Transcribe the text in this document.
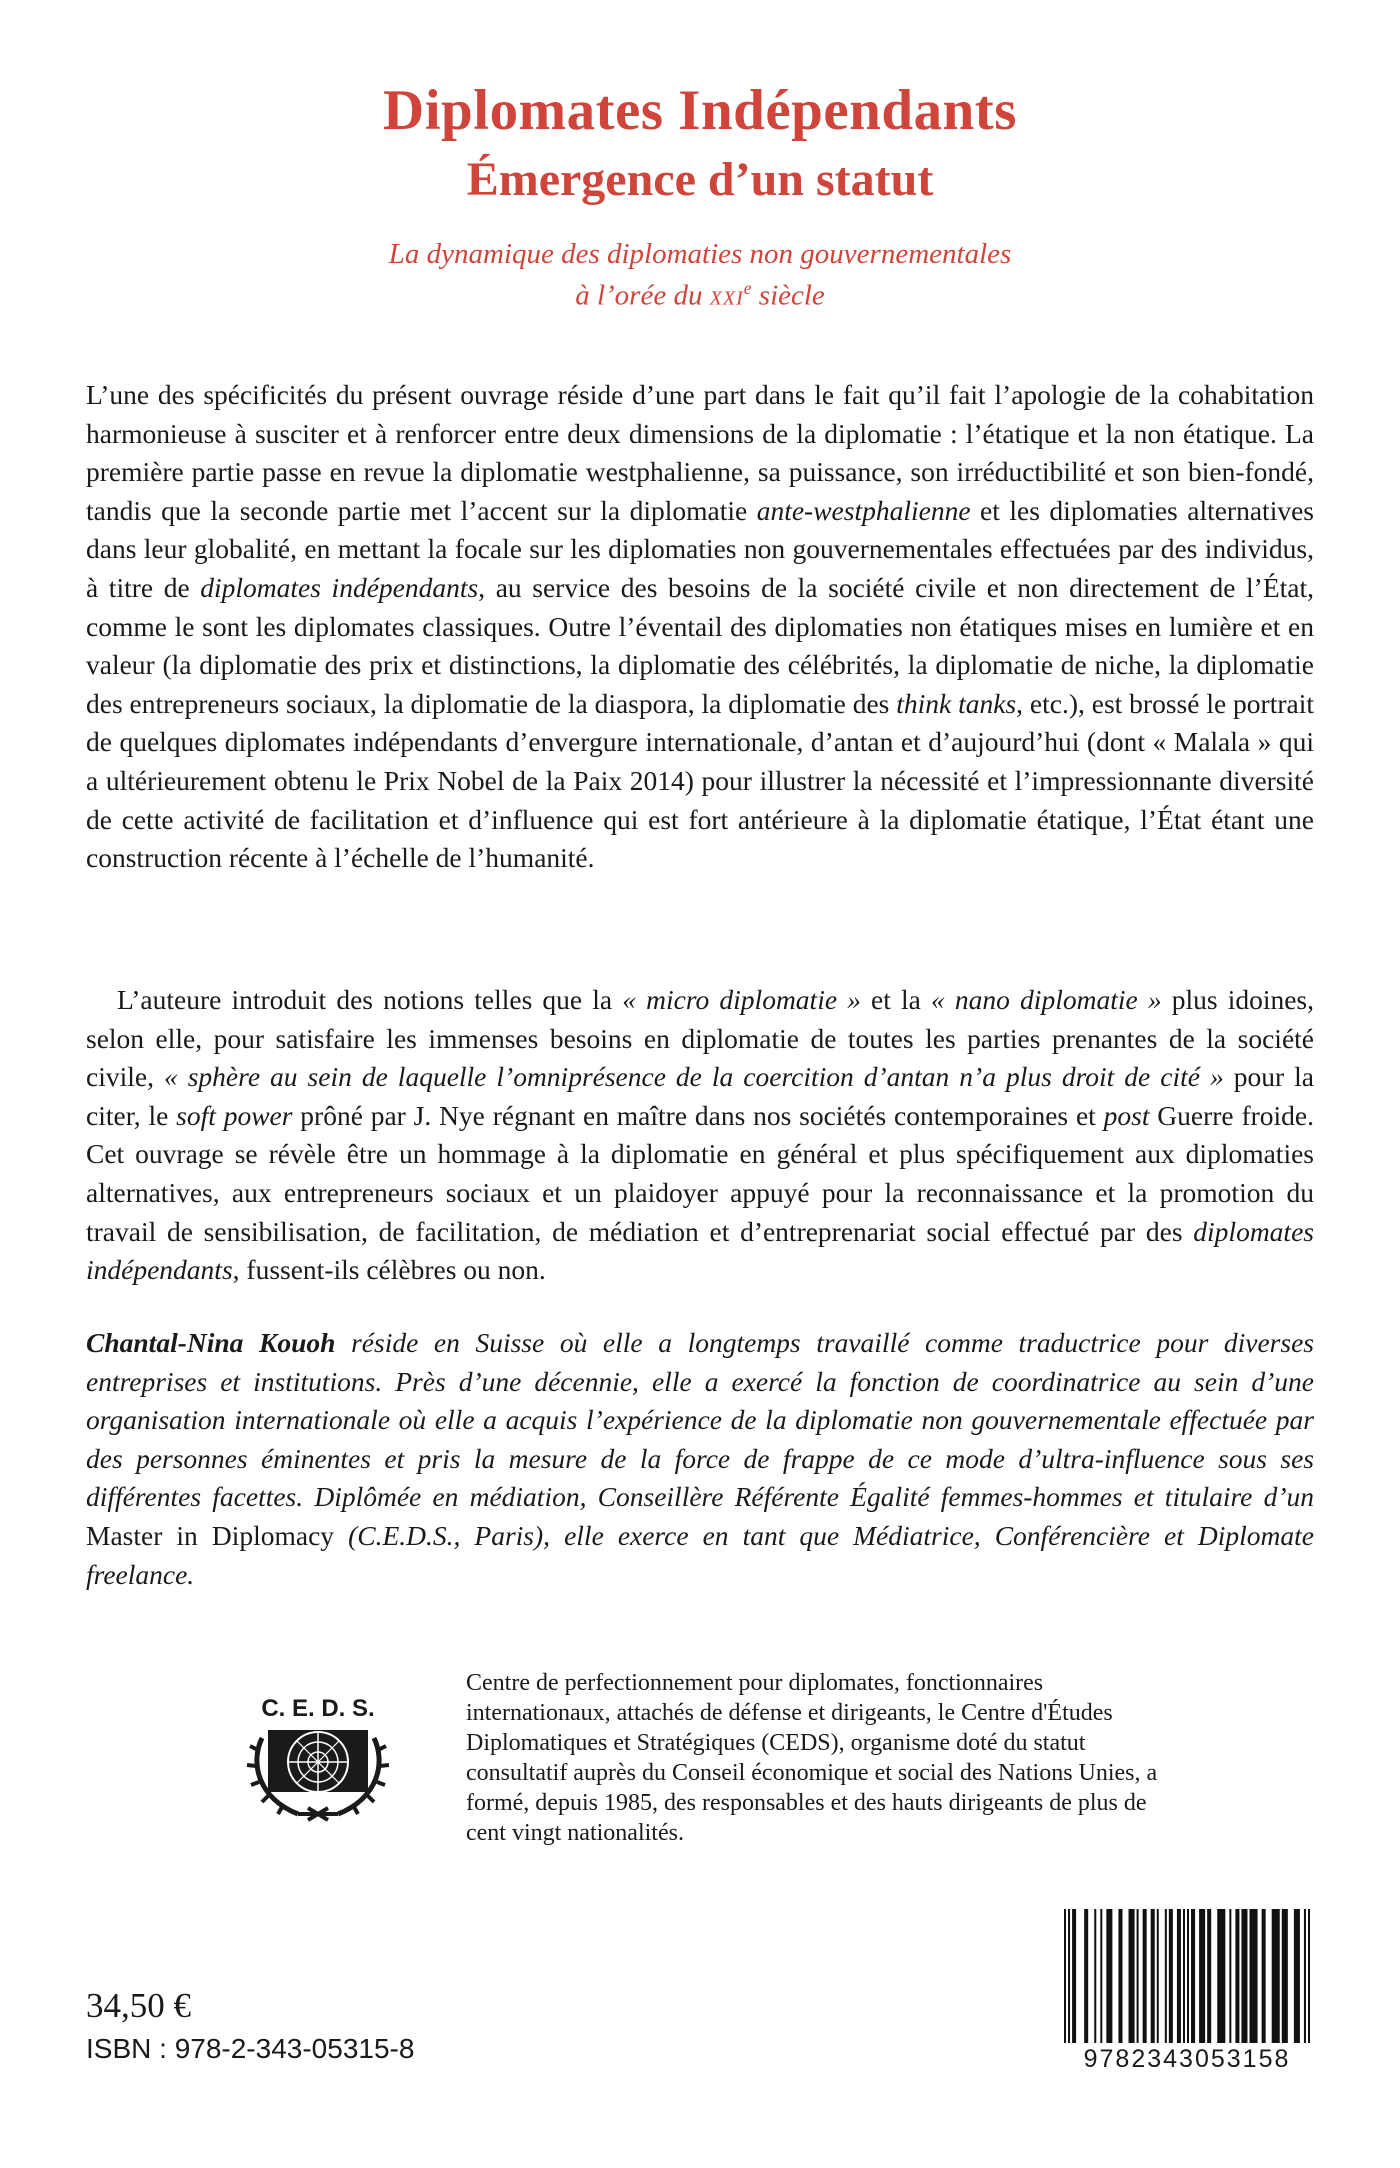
Diplomates Indépendants
Émergence d’un statut

La dynamique des diplomaties non gouvernementales

à l’orée du xxi$^e$ siècle

L’une des spécificités du présent ouvrage réside d’une part dans le fait qu’il fait l’apologie de la cohabitation harmonieuse à susciter et à renforcer entre deux dimensions de la diplomatie : l’étatique et la non étatique. La première partie passe en revue la diplomatie westphalienne, sa puissance, son irréductibilité et son bien-fondé, tandis que la seconde partie met l’accent sur la diplomatie ante-westphalienne et les diplomaties alternatives dans leur globalité, en mettant la focale sur les diplomaties non gouvernementales effectuées par des individus, à titre de diplomates indépendants, au service des besoins de la société civile et non directement de l’État, comme le sont les diplomates classiques. Outre l’éventail des diplomaties non étatiques mises en lumière et en valeur (la diplomatie des prix et distinctions, la diplomatie des célébrités, la diplomatie de niche, la diplomatie des entrepreneurs sociaux, la diplomatie de la diaspora, la diplomatie des think tanks, etc.), est brossé le portrait de quelques diplomates indépendants d’envergure internationale, d’antan et d’aujourd’hui (dont « Malala » qui a ultérieurement obtenu le Prix Nobel de la Paix 2014) pour illustrer la nécessité et l’impressionnante diversité de cette activité de facilitation et d’influence qui est fort antérieure à la diplomatie étatique, l’État étant une construction récente à l’échelle de l’humanité.

L’auteure introduit des notions telles que la « micro diplomatie » et la « nano diplomatie » plus idoines, selon elle, pour satisfaire les immenses besoins en diplomatie de toutes les parties prenantes de la société civile, « sphère au sein de laquelle l’omniprésence de la coercition d’antan n’a plus droit de cité » pour la citer, le soft power prôné par J. Nye régnant en maître dans nos sociétés contemporaines et post Guerre froide. Cet ouvrage se révèle être un hommage à la diplomatie en général et plus spécifiquement aux diplomaties alternatives, aux entrepreneurs sociaux et un plaidoyer appuyé pour la reconnaissance et la promotion du travail de sensibilisation, de facilitation, de médiation et d’entreprenariat social effectué par des diplomates indépendants, fussent-ils célèbres ou non.

Chantal-Nina Kouoh réside en Suisse où elle a longtemps travaillé comme traductrice pour diverses entreprises et institutions. Près d’une décennie, elle a exercé la fonction de coordinatrice au sein d’une organisation internationale où elle a acquis l’expérience de la diplomatie non gouvernementale effectuée par des personnes éminentes et pris la mesure de la force de frappe de ce mode d’ultra-influence sous ses différentes facettes. Diplômée en médiation, Conseillère Référente Égalité femmes-hommes et titulaire d’un Master in Diplomacy (C.E.D.S., Paris), elle exerce en tant que Médiatrice, Conférencière et Diplomate freelance.

C. E. D. S.

Centre de perfectionnement pour diplomates, fonctionnaires internationaux, attachés de défense et dirigeants, le Centre d'Études Diplomatiques et Stratégiques (CEDS), organisme doté du statut consultatif auprès du Conseil économique et social des Nations Unies, a formé, depuis 1985, des responsables et des hauts dirigeants de plus de cent vingt nationalités.

34,50 €

ISBN : 978-2-343-05315-8	9782343053158
